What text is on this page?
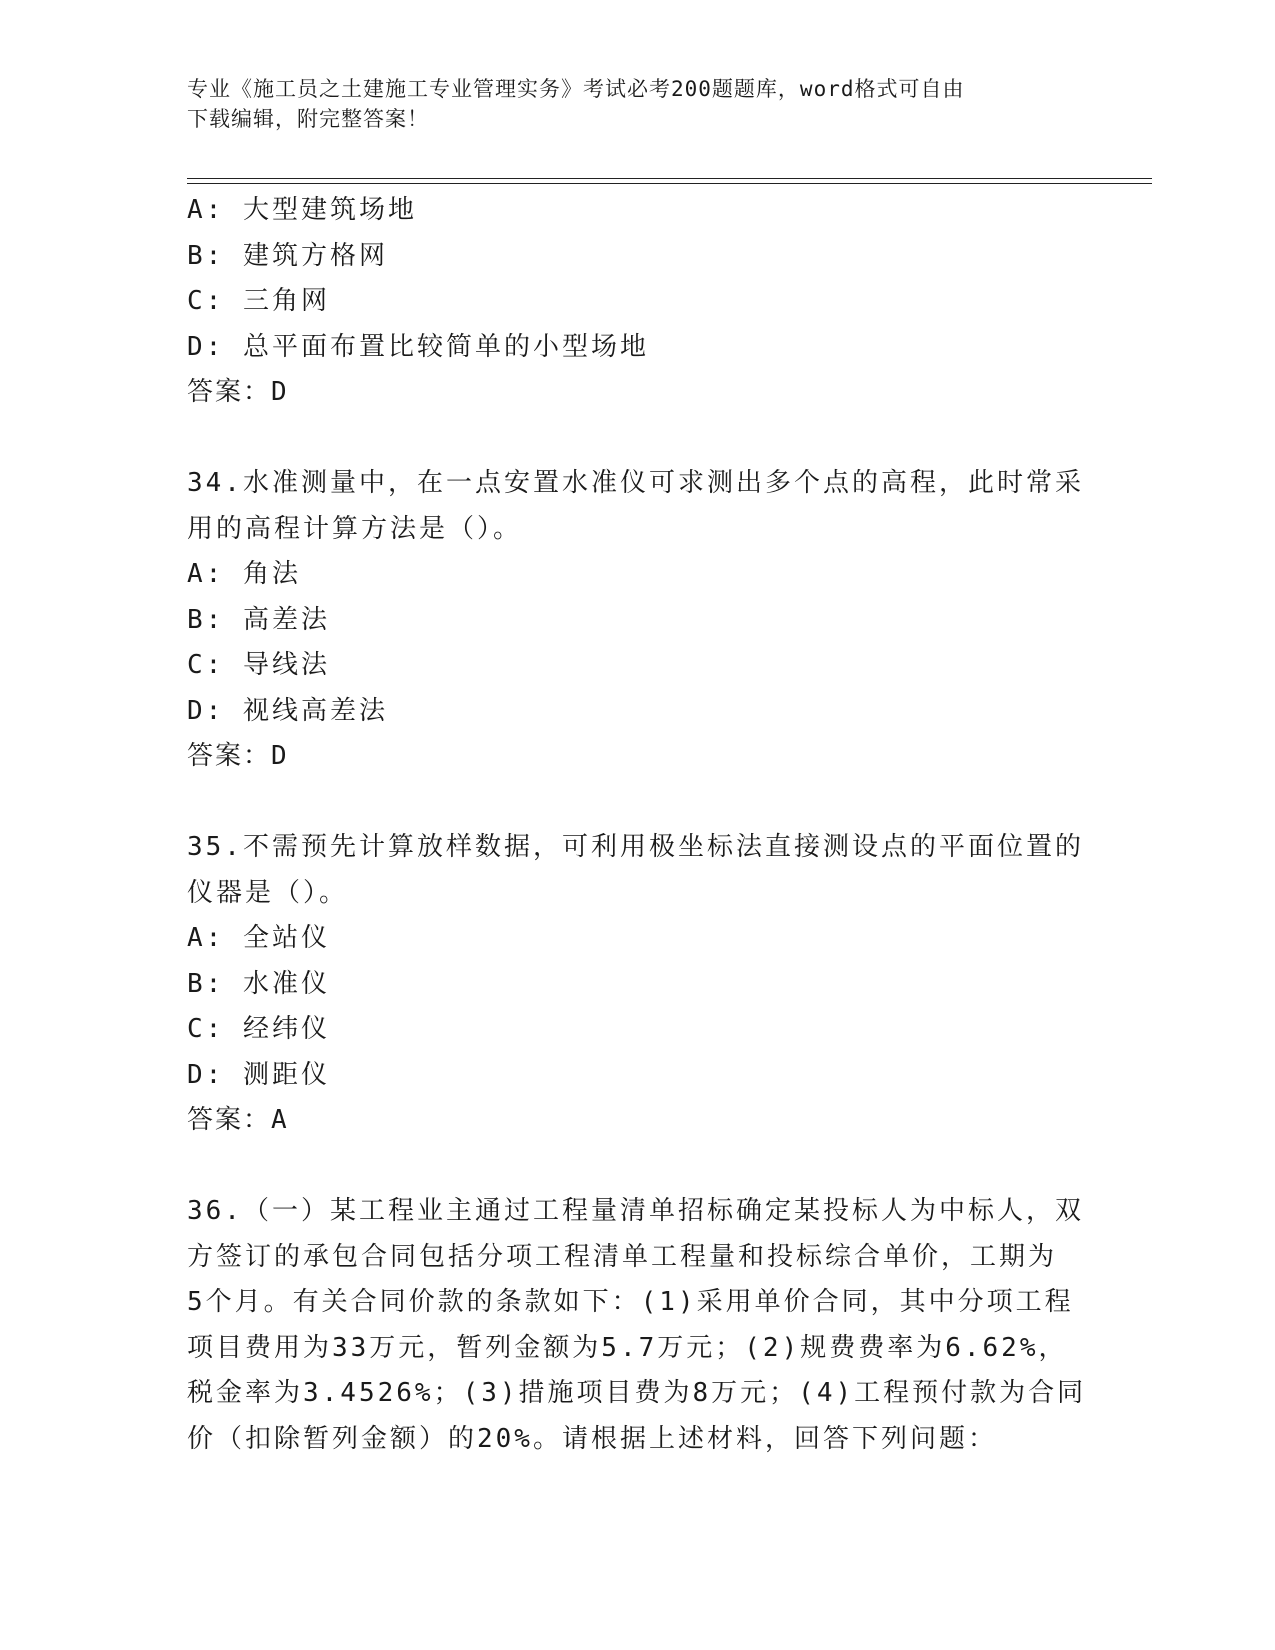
专业《施工员之土建施工专业管理实务》考试必考200题题库，word格式可自由
下载编辑，附完整答案！
A: 大型建筑场地
B: 建筑方格网
C: 三角网
D: 总平面布置比较简单的小型场地
答案：D
34.水准测量中，在一点安置水准仪可求测出多个点的高程，此时常采
用的高程计算方法是（）。
A: 角法
B: 高差法
C: 导线法
D: 视线高差法
答案：D
35.不需预先计算放样数据，可利用极坐标法直接测设点的平面位置的
仪器是（）。
A: 全站仪
B: 水准仪
C: 经纬仪
D: 测距仪
答案：A
36.（一）某工程业主通过工程量清单招标确定某投标人为中标人，双
方签订的承包合同包括分项工程清单工程量和投标综合单价，工期为
5个月。有关合同价款的条款如下：(1)采用单价合同，其中分项工程
项目费用为33万元，暂列金额为5.7万元；(2)规费费率为6.62%，
税金率为3.4526%；(3)措施项目费为8万元；(4)工程预付款为合同
价（扣除暂列金额）的20%。请根据上述材料，回答下列问题：
